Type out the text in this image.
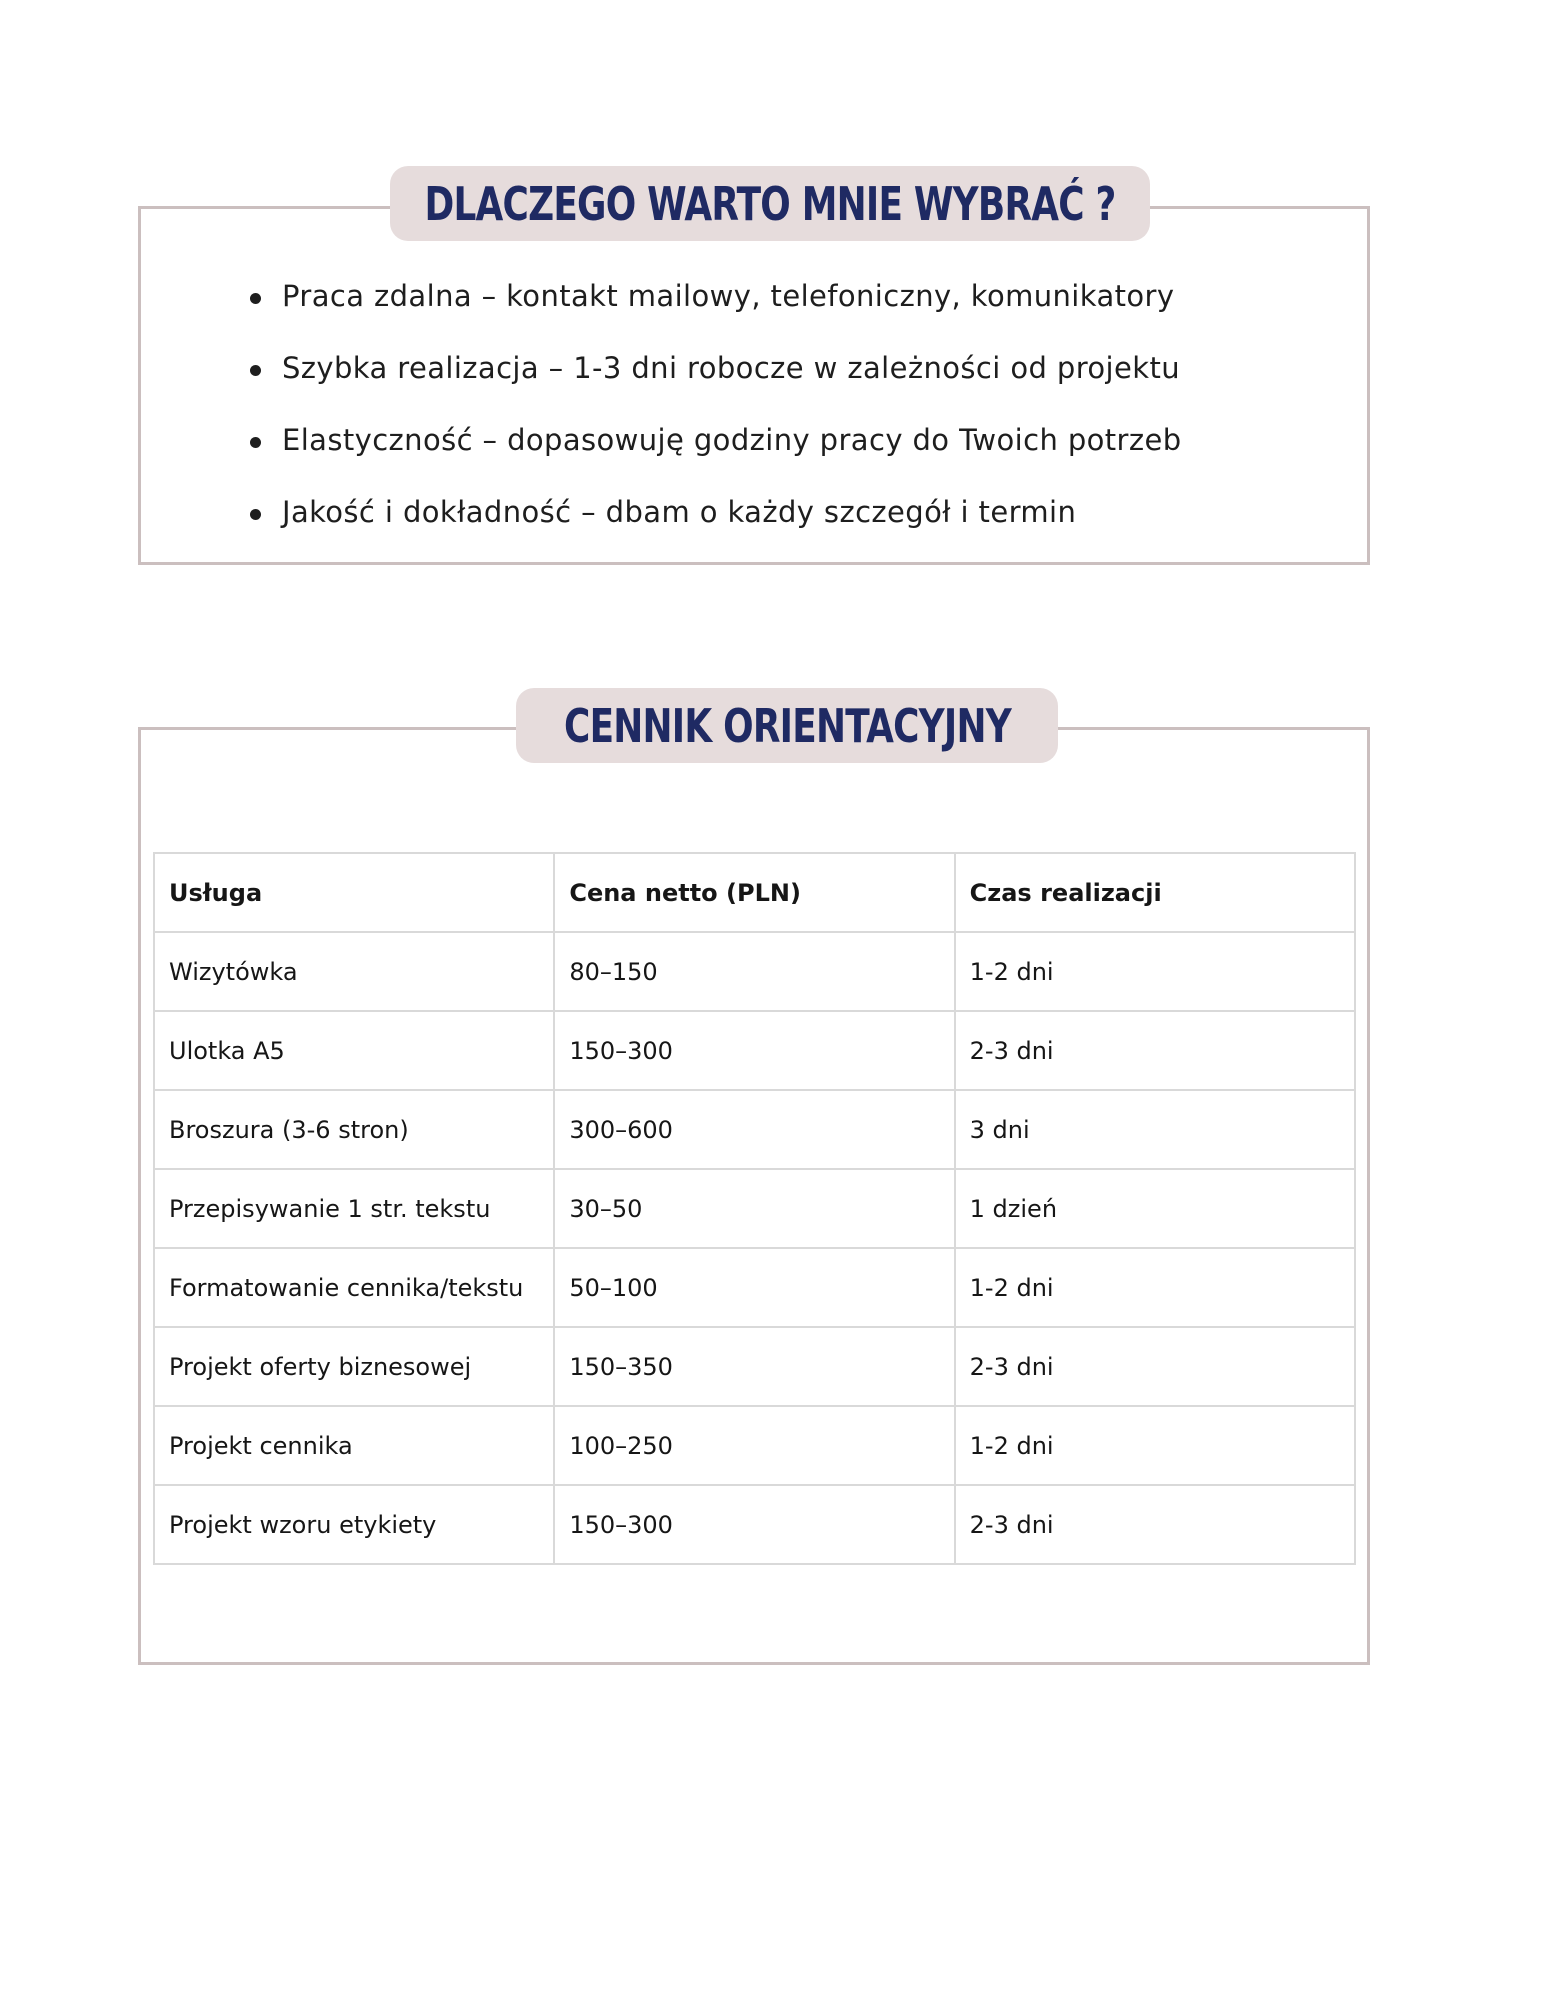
DLACZEGO WARTO MNIE WYBRAĆ ?
Praca zdalna – kontakt mailowy, telefoniczny, komunikatory
Szybka realizacja – 1-3 dni robocze w zależności od projektu
Elastyczność – dopasowuję godziny pracy do Twoich potrzeb
Jakość i dokładność – dbam o każdy szczegół i termin
CENNIK ORIENTACYJNY
Usługa	Cena netto (PLN)	Czas realizacji
Wizytówka	80–150	1-2 dni
Ulotka A5	150–300	2-3 dni
Broszura (3-6 stron)	300–600	3 dni
Przepisywanie 1 str. tekstu	30–50	1 dzień
Formatowanie cennika/tekstu	50–100	1-2 dni
Projekt oferty biznesowej	150–350	2-3 dni
Projekt cennika	100–250	1-2 dni
Projekt wzoru etykiety	150–300	2-3 dni
